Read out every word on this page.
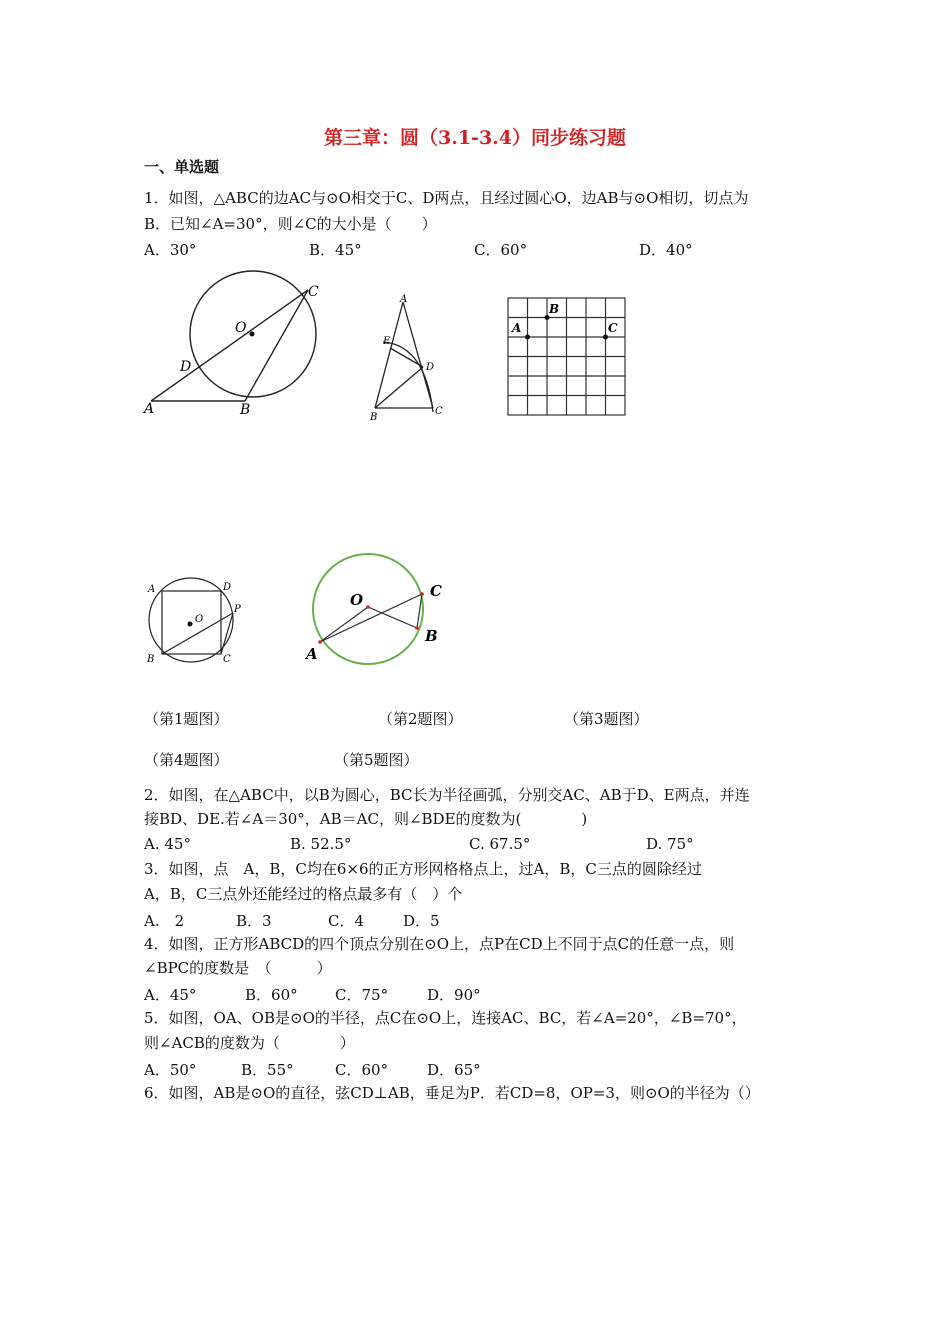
第三章：圆（3.1-3.4）同步练习题
一、单选题
1．如图，△ABC的边AC与⊙O相交于C、D两点，且经过圆心O，边AB与⊙O相切，切点为
B．已知∠A=30°，则∠C的大小是（　　）
A．30°	B．45°	C．60°	D．40°
O
C
D
A	B
A
E
D
B
C
A
B
C
O
A	D
P
B	C
O	C
B
A
（第1题图）	（第2题图）	（第3题图）
（第4题图）	（第5题图）
2．如图，在△ABC中，以B为圆心，BC长为半径画弧，分别交AC、AB于D、E两点，并连
接BD、DE.若∠A＝30°，AB＝AC，则∠BDE的度数为(　　　　)
A. 45°	B. 52.5°	C. 67.5°	D. 75°
3．如图，点　A，B，C均在6×6的正方形网格格点上，过A，B，C三点的圆除经过
A，B，C三点外还能经过的格点最多有（　）个
A.　2	B．3	C．4	D．5
4．如图，正方形ABCD的四个顶点分别在⊙O上，点P在CD上不同于点C的任意一点，则
∠BPC的度数是　（　　　）
A．45°	B．60° C．75°	D．90°
5．如图，OA、OB是⊙O的半径，点C在⊙O上，连接AC、BC，若∠A=20°，∠B=70°，
则∠ACB的度数为（　　　　）
A．50°	B．55°	C．60°	D．65°
6．如图，AB是⊙O的直径，弦CD⊥AB，垂足为P．若CD=8，OP=3，则⊙O的半径为（）
